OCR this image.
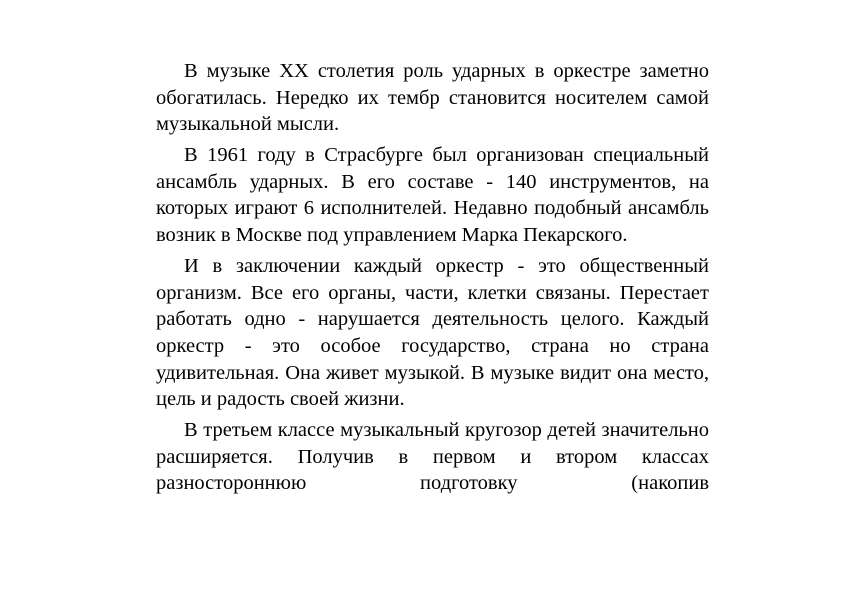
В музыке XX столетия роль ударных в оркестре заметно обогатилась. Нередко их тембр становится носителем самой музыкальной мысли.

В 1961 году в Страсбурге был организован специальный ансамбль ударных. В его составе - 140 инструментов, на которых играют 6 исполнителей. Недавно подобный ансамбль возник в Москве под управлением Марка Пекарского.

И в заключении каждый оркестр - это общественный организм. Все его органы, части, клетки связаны. Перестает работать одно - нарушается деятельность целого. Каждый оркестр - это особое государство, страна но страна удивительная. Она живет музыкой. В музыке видит она место, цель и радость своей жизни.

В третьем классе музыкальный кругозор детей значительно расширяется. Получив в первом и втором классах разностороннюю подготовку (накопив
